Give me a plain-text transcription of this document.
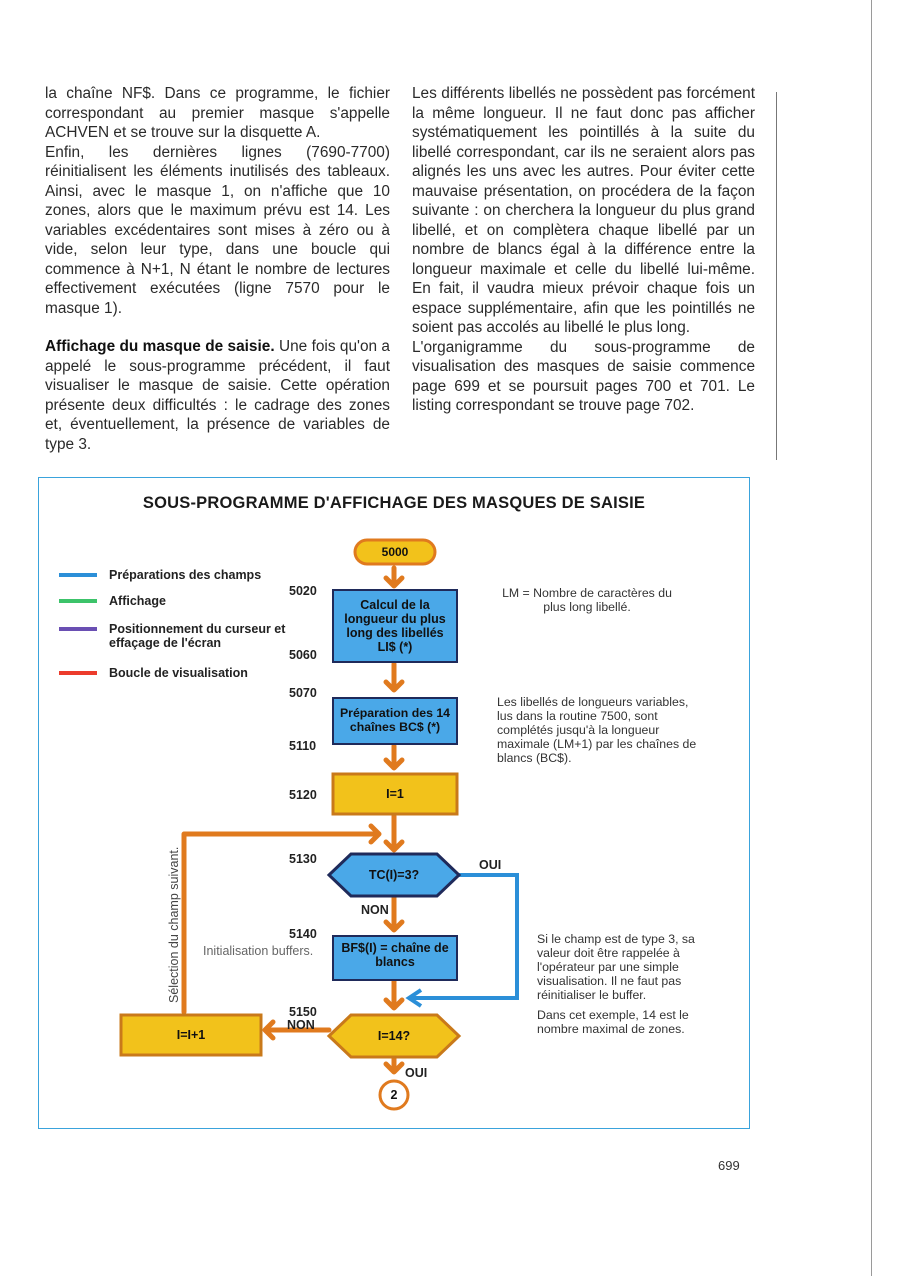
la chaîne NF$. Dans ce programme, le fichier correspondant au premier masque s'appelle ACHVEN et se trouve sur la disquette A.

Enfin, les dernières lignes (7690-7700) réinitialisent les éléments inutilisés des tableaux. Ainsi, avec le masque 1, on n'affiche que 10 zones, alors que le maximum prévu est 14. Les variables excédentaires sont mises à zéro ou à vide, selon leur type, dans une boucle qui commence à N+1, N étant le nombre de lectures effectivement exécutées (ligne 7570 pour le masque 1).

Affichage du masque de saisie. Une fois qu'on a appelé le sous-programme précédent, il faut visualiser le masque de saisie. Cette opération présente deux difficultés : le cadrage des zones et, éventuellement, la présence de variables de type 3.

Les différents libellés ne possèdent pas forcément la même longueur. Il ne faut donc pas afficher systématiquement les pointillés à la suite du libellé correspondant, car ils ne seraient alors pas alignés les uns avec les autres. Pour éviter cette mauvaise présentation, on procédera de la façon suivante : on cherchera la longueur du plus grand libellé, et on complètera chaque libellé par un nombre de blancs égal à la différence entre la longueur maximale et celle du libellé lui-même. En fait, il vaudra mieux prévoir chaque fois un espace supplémentaire, afin que les pointillés ne soient pas accolés au libellé le plus long.

L'organigramme du sous-programme de visualisation des masques de saisie commence page 699 et se poursuit pages 700 et 701. Le listing correspondant se trouve page 702.

SOUS-PROGRAMME D'AFFICHAGE DES MASQUES DE SAISIE
Préparations des champs
Affichage
Positionnement du curseur et effaçage de l'écran
Boucle de visualisation
5000
Calcul de la longueur du plus long des libellés LI$ (*)
Préparation des 14 chaînes BC$ (*)
I=1
TC(I)=3?
BF$(I) = chaîne de blancs
I=14?
I=I+1
2
OUI
NON
NON
OUI
5020
5060
5070
5110
5120
5130
5140
5150
Initialisation buffers.
Sélection du champ suivant.
LM = Nombre de caractères du plus long libellé.
Les libellés de longueurs variables, lus dans la routine 7500, sont complétés jusqu'à la longueur maximale (LM+1) par les chaînes de blancs (BC$).
Si le champ est de type 3, sa valeur doit être rappelée à l'opérateur par une simple visualisation. Il ne faut pas réinitialiser le buffer.
Dans cet exemple, 14 est le nombre maximal de zones.
699
